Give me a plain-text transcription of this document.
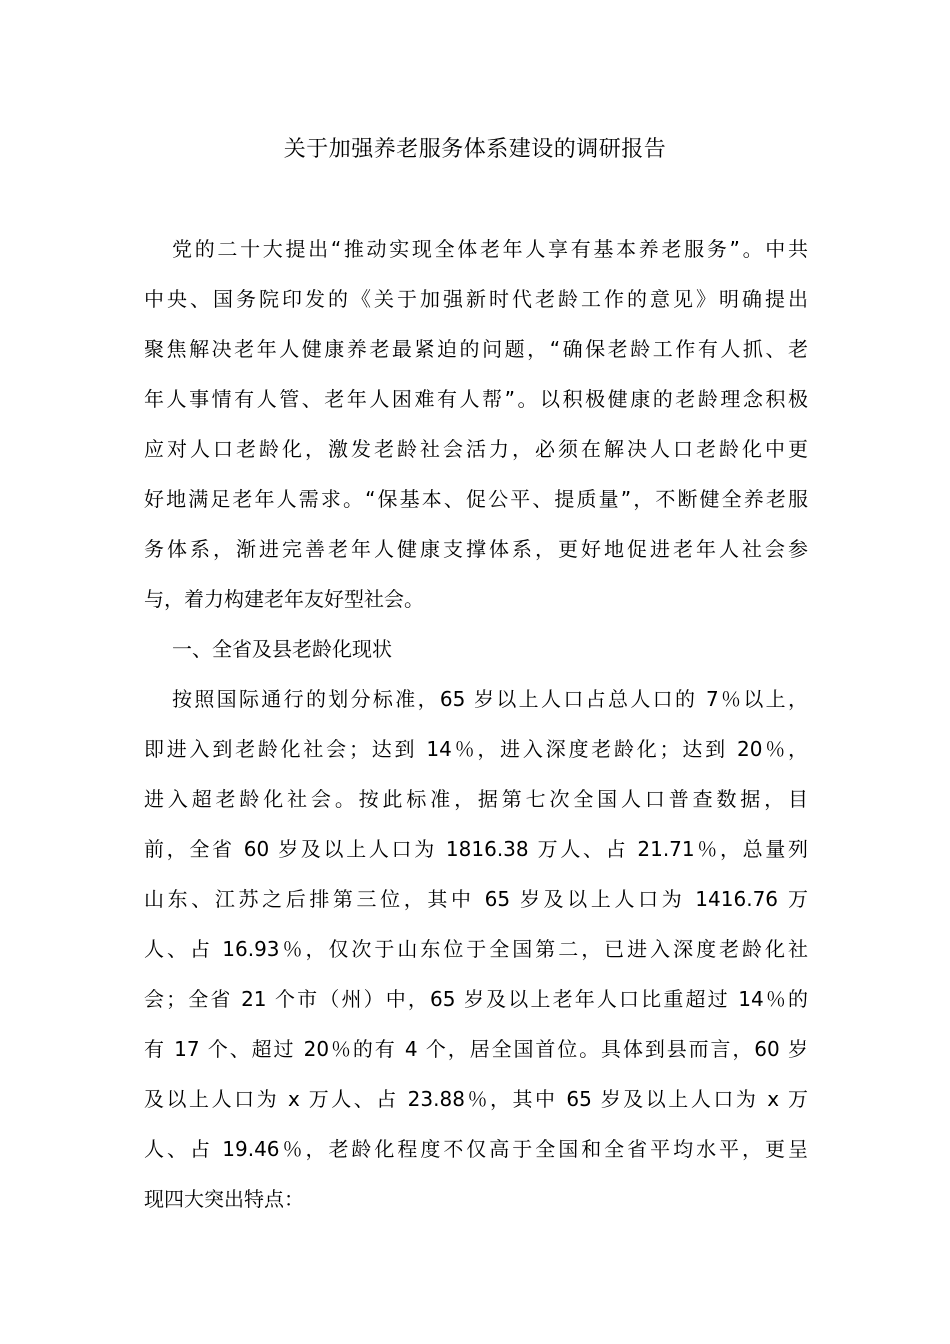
关于加强养老服务体系建设的调研报告

党的二十大提出“推动实现全体老年人享有基本养老服务”。中共

中央、国务院印发的《关于加强新时代老龄工作的意见》明确提出

聚焦解决老年人健康养老最紧迫的问题，“确保老龄工作有人抓、老

年人事情有人管、老年人困难有人帮”。以积极健康的老龄理念积极

应对人口老龄化，激发老龄社会活力，必须在解决人口老龄化中更

好地满足老年人需求。“保基本、促公平、提质量”，不断健全养老服

务体系，渐进完善老年人健康支撑体系，更好地促进老年人社会参

与，着力构建老年友好型社会。

一、全省及县老龄化现状

按照国际通行的划分标准，65 岁以上人口占总人口的 7％以上，

即进入到老龄化社会；达到 14％，进入深度老龄化；达到 20％，

进入超老龄化社会。按此标准，据第七次全国人口普查数据，目

前，全省 60 岁及以上人口为 1816.38 万人、占 21.71％，总量列

山东、江苏之后排第三位，其中 65 岁及以上人口为 1416.76 万

人、占 16.93％，仅次于山东位于全国第二，已进入深度老龄化社

会；全省 21 个市（州）中，65 岁及以上老年人口比重超过 14％的

有 17 个、超过 20％的有 4 个，居全国首位。具体到县而言，60 岁

及以上人口为 x 万人、占 23.88％，其中 65 岁及以上人口为 x 万

人、占 19.46％，老龄化程度不仅高于全国和全省平均水平，更呈

现四大突出特点：
